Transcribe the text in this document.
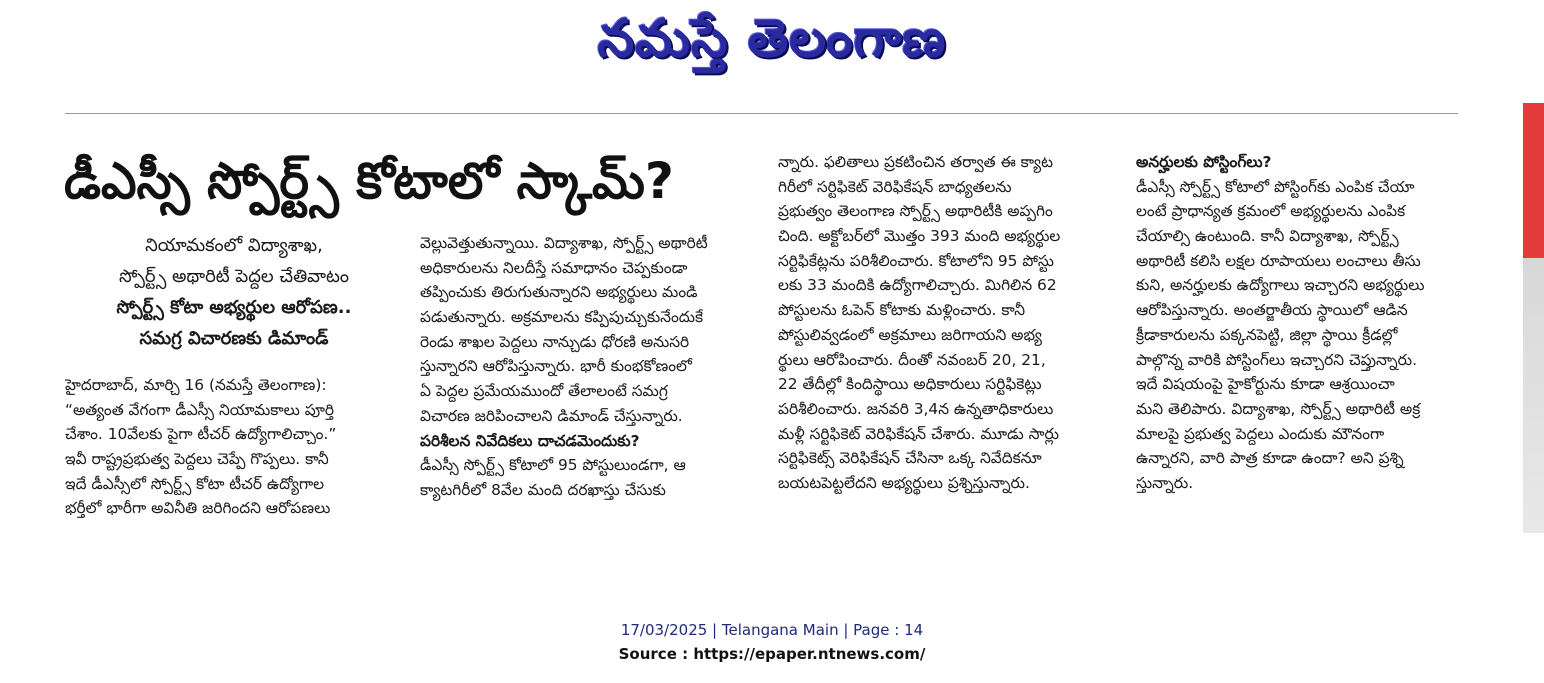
నమస్తే తెలంగాణ
డీఎస్సీ స్పోర్ట్స్ కోటాలో స్కామ్?
నియామకంలో విద్యాశాఖ,
స్పోర్ట్స్ అథారిటీ పెద్దల చేతివాటం
స్పోర్ట్స్ కోటా అభ్యర్థుల ఆరోపణ..
సమగ్ర విచారణకు డిమాండ్
హైదరాబాద్, మార్చి 16 (నమస్తే తెలంగాణ):
“అత్యంత వేగంగా డీఎస్సీ నియామకాలు పూర్తి
చేశాం. 10వేలకు పైగా టీచర్ ఉద్యోగాలిచ్చాం.”
ఇవీ రాష్ట్రప్రభుత్వ పెద్దలు చెప్పే గొప్పలు. కానీ
ఇదే డీఎస్సీలో స్పోర్ట్స్ కోటా టీచర్ ఉద్యోగాల
భర్తీలో భారీగా అవినీతి జరిగిందని ఆరోపణలు
వెల్లువెత్తుతున్నాయి. విద్యాశాఖ, స్పోర్ట్స్ అథారిటీ
అధికారులను నిలదీస్తే సమాధానం చెప్పకుండా
తప్పించుకు తిరుగుతున్నారని అభ్యర్థులు మండి
పడుతున్నారు. అక్రమాలను కప్పిపుచ్చుకునేందుకే
రెండు శాఖల పెద్దలు నాన్చుడు ధోరణి అనుసరి
స్తున్నారని ఆరోపిస్తున్నారు. భారీ కుంభకోణంలో
ఏ పెద్దల ప్రమేయముందో తేలాలంటే సమగ్ర
విచారణ జరిపించాలని డిమాండ్ చేస్తున్నారు.
పరిశీలన నివేదికలు దాచడమెందుకు?
డీఎస్సీ స్పోర్ట్స్ కోటాలో 95 పోస్టులుండగా, ఆ
క్యాటగిరీలో 8వేల మంది దరఖాస్తు చేసుకు
న్నారు. ఫలితాలు ప్రకటించిన తర్వాత ఈ క్యాట
గిరీలో సర్టిఫికెట్ వెరిఫికేషన్ బాధ్యతలను
ప్రభుత్వం తెలంగాణ స్పోర్ట్స్ అథారిటీకి అప్పగిం
చింది. అక్టోబర్‌లో మొత్తం 393 మంది అభ్యర్థుల
సర్టిఫికేట్లను పరిశీలించారు. కోటాలోని 95 పోస్టు
లకు 33 మందికి ఉద్యోగాలిచ్చారు. మిగిలిన 62
పోస్టులను ఓపెన్ కోటాకు మళ్లించారు. కానీ
పోస్టులివ్వడంలో అక్రమాలు జరిగాయని అభ్య
ర్థులు ఆరోపించారు. దీంతో నవంబర్ 20, 21,
22 తేదీల్లో కిందిస్థాయి అధికారులు సర్టిఫికెట్లు
పరిశీలించారు. జనవరి 3,4న ఉన్నతాధికారులు
మళ్లీ సర్టిఫికెట్ వెరిఫికేషన్ చేశారు. మూడు సార్లు
సర్టిఫికెట్స్ వెరిఫికేషన్ చేసినా ఒక్క నివేదికనూ
బయటపెట్టలేదని అభ్యర్థులు ప్రశ్నిస్తున్నారు.
అనర్హులకు పోస్టింగ్‌లు?
డీఎస్సీ స్పోర్ట్స్ కోటాలో పోస్టింగ్‌కు ఎంపిక చేయా
లంటే ప్రాధాన్యత క్రమంలో అభ్యర్థులను ఎంపిక
చేయాల్సి ఉంటుంది. కానీ విద్యాశాఖ, స్పోర్ట్స్
అథారిటీ కలిసి లక్షల రూపాయలు లంచాలు తీసు
కుని, అనర్హులకు ఉద్యోగాలు ఇచ్చారని అభ్యర్థులు
ఆరోపిస్తున్నారు. అంతర్జాతీయ స్థాయిలో ఆడిన
క్రీడాకారులను పక్కనపెట్టి, జిల్లా స్థాయి క్రీడల్లో
పాల్గొన్న వారికి పోస్టింగ్‌లు ఇచ్చారని చెప్తున్నారు.
ఇదే విషయంపై హైకోర్టును కూడా ఆశ్రయించా
మని తెలిపారు. విద్యాశాఖ, స్పోర్ట్స్ అథారిటీ అక్ర
మాలపై ప్రభుత్వ పెద్దలు ఎందుకు మౌనంగా
ఉన్నారని, వారి పాత్ర కూడా ఉందా? అని ప్రశ్ని
స్తున్నారు.
17/03/2025 | Telangana Main | Page : 14
Source : https://epaper.ntnews.com/
